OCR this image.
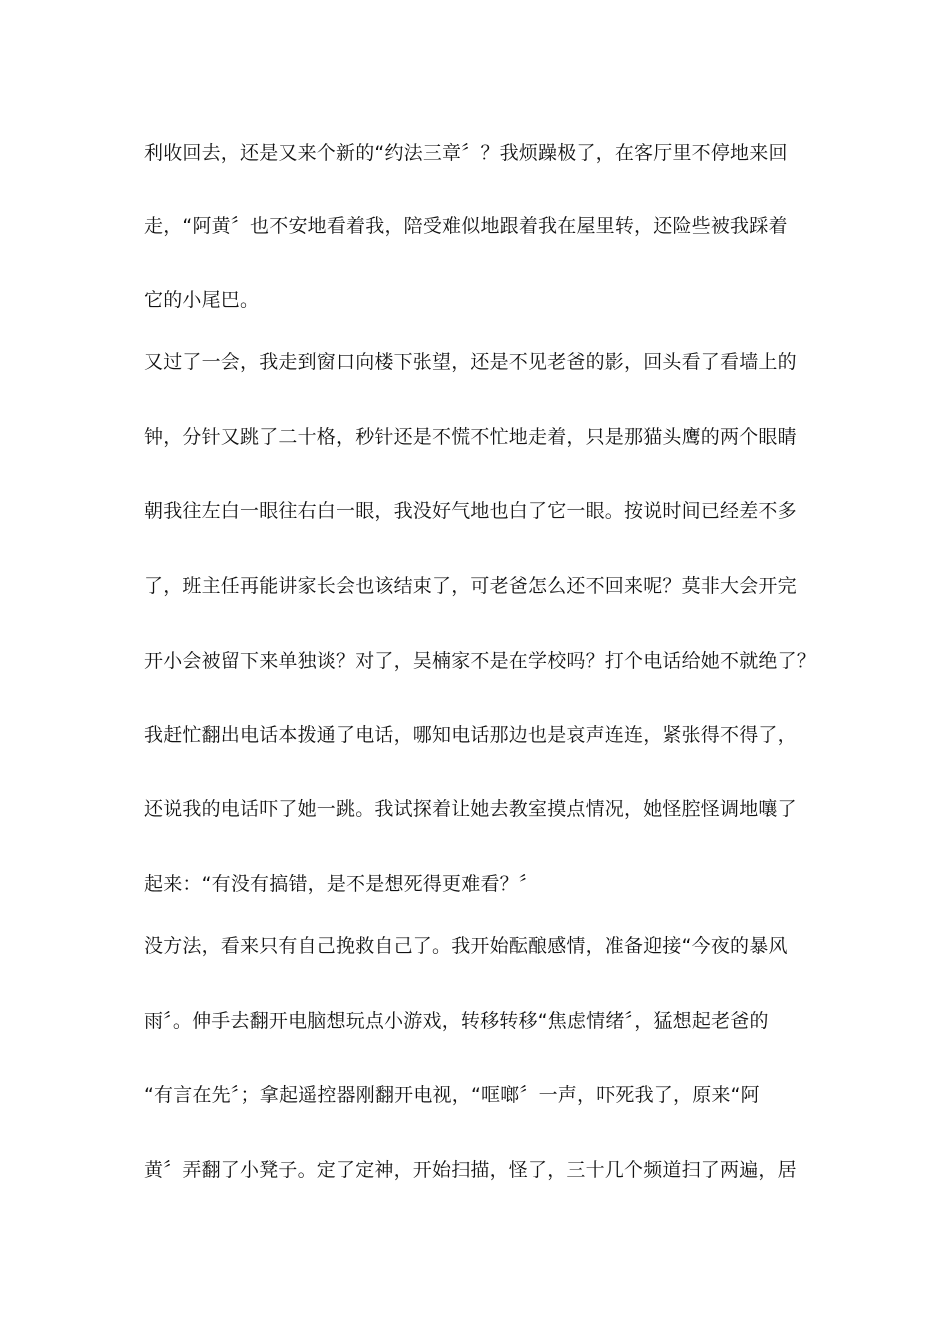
利收回去，还是又来个新的“约法三章〞？我烦躁极了，在客厅里不停地来回
走，“阿黄〞也不安地看着我，陪受难似地跟着我在屋里转，还险些被我踩着
它的小尾巴。
又过了一会，我走到窗口向楼下张望，还是不见老爸的影，回头看了看墙上的
钟，分针又跳了二十格，秒针还是不慌不忙地走着，只是那猫头鹰的两个眼睛
朝我往左白一眼往右白一眼，我没好气地也白了它一眼。按说时间已经差不多
了，班主任再能讲家长会也该结束了，可老爸怎么还不回来呢？莫非大会开完
开小会被留下来单独谈？对了，吴楠家不是在学校吗？打个电话给她不就绝了？
我赶忙翻出电话本拨通了电话，哪知电话那边也是哀声连连，紧张得不得了，
还说我的电话吓了她一跳。我试探着让她去教室摸点情况，她怪腔怪调地嚷了
起来：“有没有搞错，是不是想死得更难看？〞
没方法，看来只有自己挽救自己了。我开始酝酿感情，准备迎接“今夜的暴风
雨〞。伸手去翻开电脑想玩点小游戏，转移转移“焦虑情绪〞，猛想起老爸的
“有言在先〞；拿起遥控器刚翻开电视，“哐啷〞一声，吓死我了，原来“阿
黄〞弄翻了小凳子。定了定神，开始扫描，怪了，三十几个频道扫了两遍，居
